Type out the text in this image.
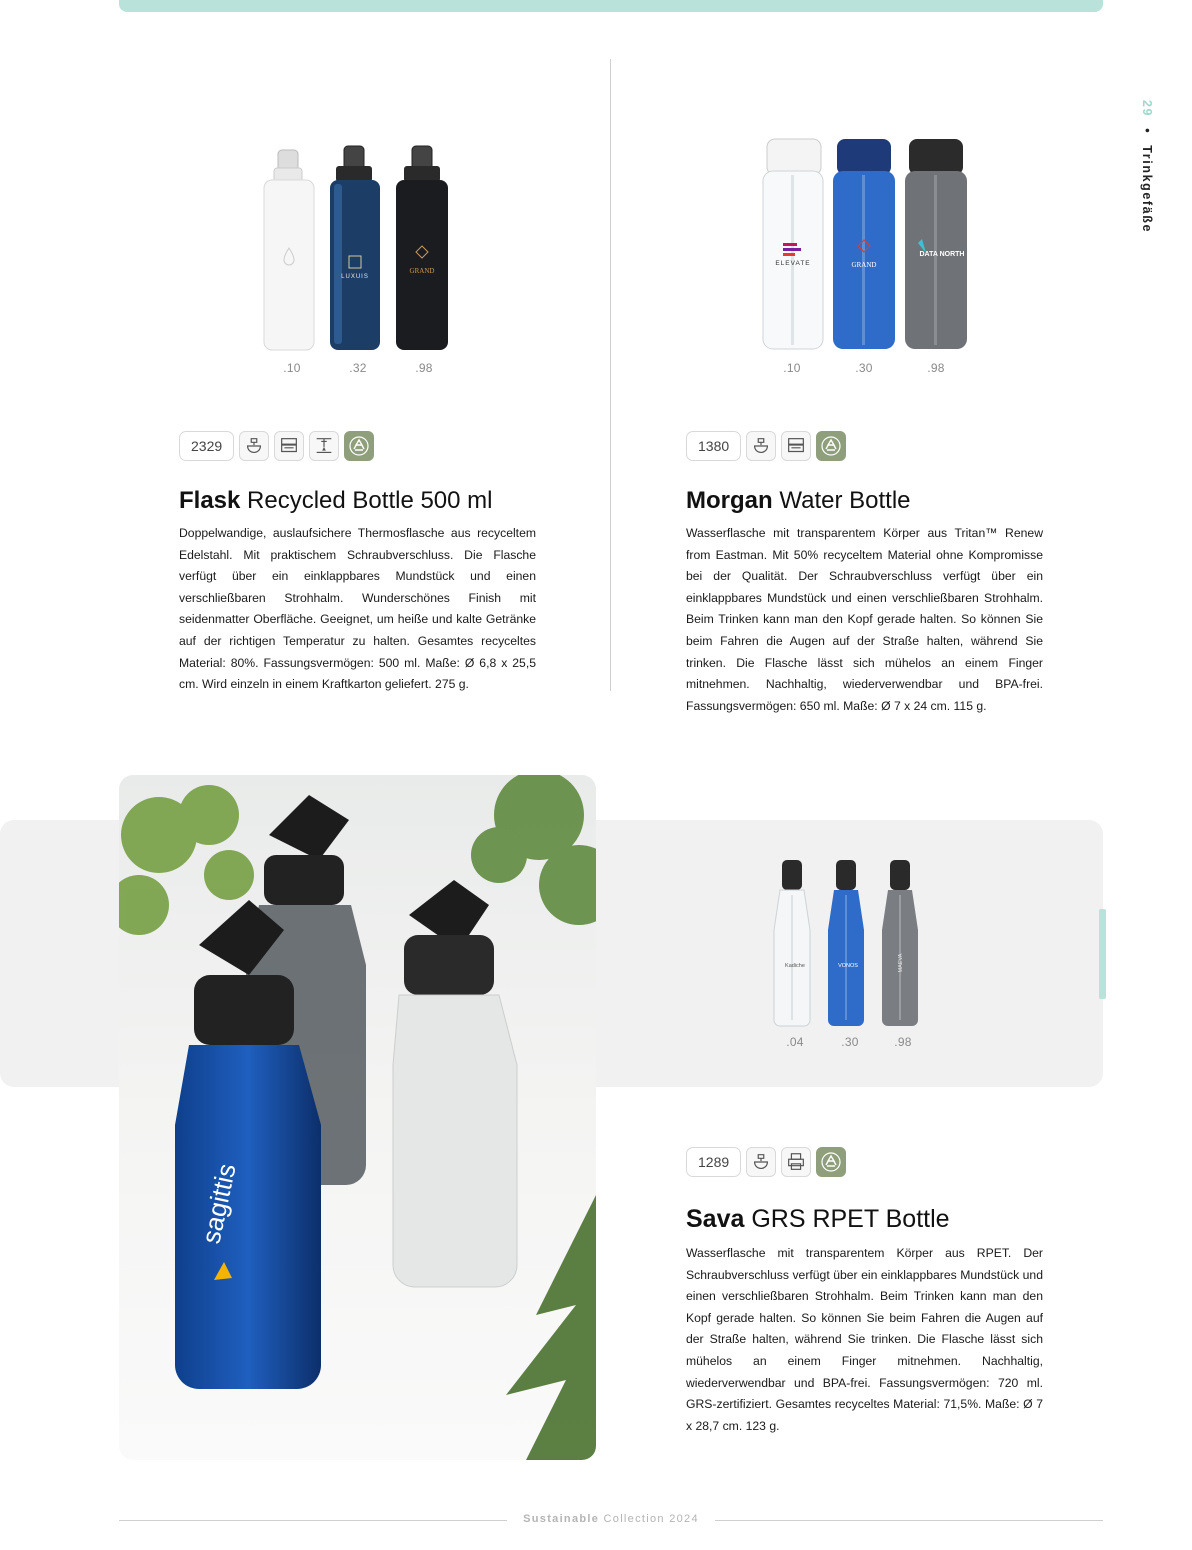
29 • Trinkgefäße
LUXUIS
GRAND
.10	.32	.98
2329
Flask Recycled Bottle 500 ml
Doppelwandige, auslaufsichere Thermosflasche aus recyceltem Edelstahl. Mit praktischem Schraubverschluss. Die Flasche verfügt über ein einklappbares Mundstück und einen verschließbaren Strohhalm. Wunderschönes Finish mit seidenmatter Oberfläche. Geeignet, um heiße und kalte Getränke auf der richtigen Temperatur zu halten. Gesamtes recyceltes Material: 80%. Fassungsvermögen: 500 ml. Maße: Ø 6,8 x 25,5 cm. Wird einzeln in einem Kraftkarton geliefert. 275 g.
ELEVATE	GRAND
DATA NORTH
.10	.30	.98
1380
Morgan Water Bottle
Wasserflasche mit transparentem Körper aus Tritan™ Renew from Eastman. Mit 50% recyceltem Material ohne Kompromisse bei der Qualität. Der Schraubverschluss verfügt über ein einklappbares Mundstück und einen verschließbaren Strohhalm. Beim Trinken kann man den Kopf gerade halten. So können Sie beim Fahren die Augen auf der Straße halten, während Sie trinken. Die Flasche lässt sich mühelos an einem Finger mitnehmen. Nachhaltig, wiederverwendbar und BPA-frei. Fassungsvermögen: 650 ml. Maße: Ø 7 x 24 cm. 115 g.
Kadiche	VONOS	MAEVA
.04	.30	.98
sagittis	1289
Sava GRS RPET Bottle
Wasserflasche mit transparentem Körper aus RPET. Der Schraubverschluss verfügt über ein einklappbares Mundstück und einen verschließbaren Strohhalm. Beim Trinken kann man den Kopf gerade halten. So können Sie beim Fahren die Augen auf der Straße halten, während Sie trinken. Die Flasche lässt sich mühelos an einem Finger mitnehmen. Nachhaltig, wiederverwendbar und BPA-frei. Fassungsvermögen: 720 ml. GRS-zertifiziert. Gesamtes recyceltes Material: 71,5%. Maße: Ø 7 x 28,7 cm. 123 g.
Sustainable Collection 2024
